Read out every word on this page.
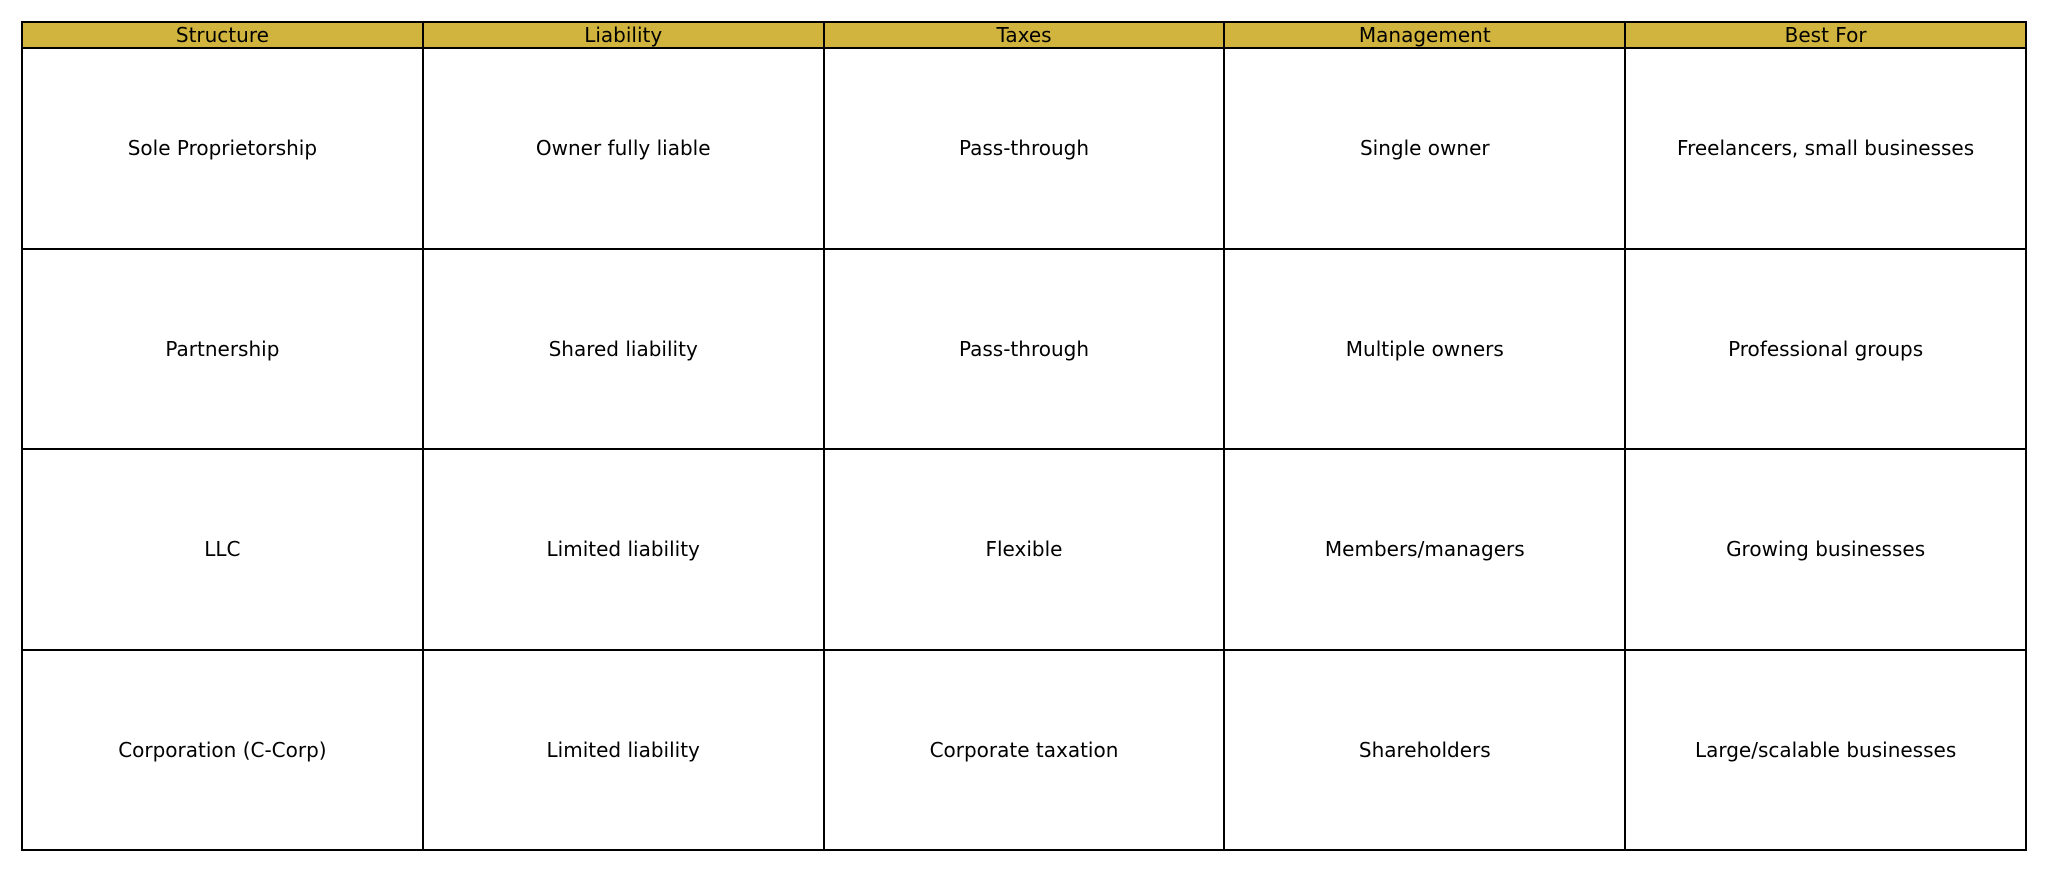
Structure	Liability	Taxes	Management	Best For
Sole Proprietorship	Owner fully liable	Pass-through	Single owner	Freelancers, small businesses
Partnership	Shared liability	Pass-through	Multiple owners	Professional groups
LLC	Limited liability	Flexible	Members/managers	Growing businesses
Corporation (C-Corp)	Limited liability	Corporate taxation	Shareholders	Large/scalable businesses
